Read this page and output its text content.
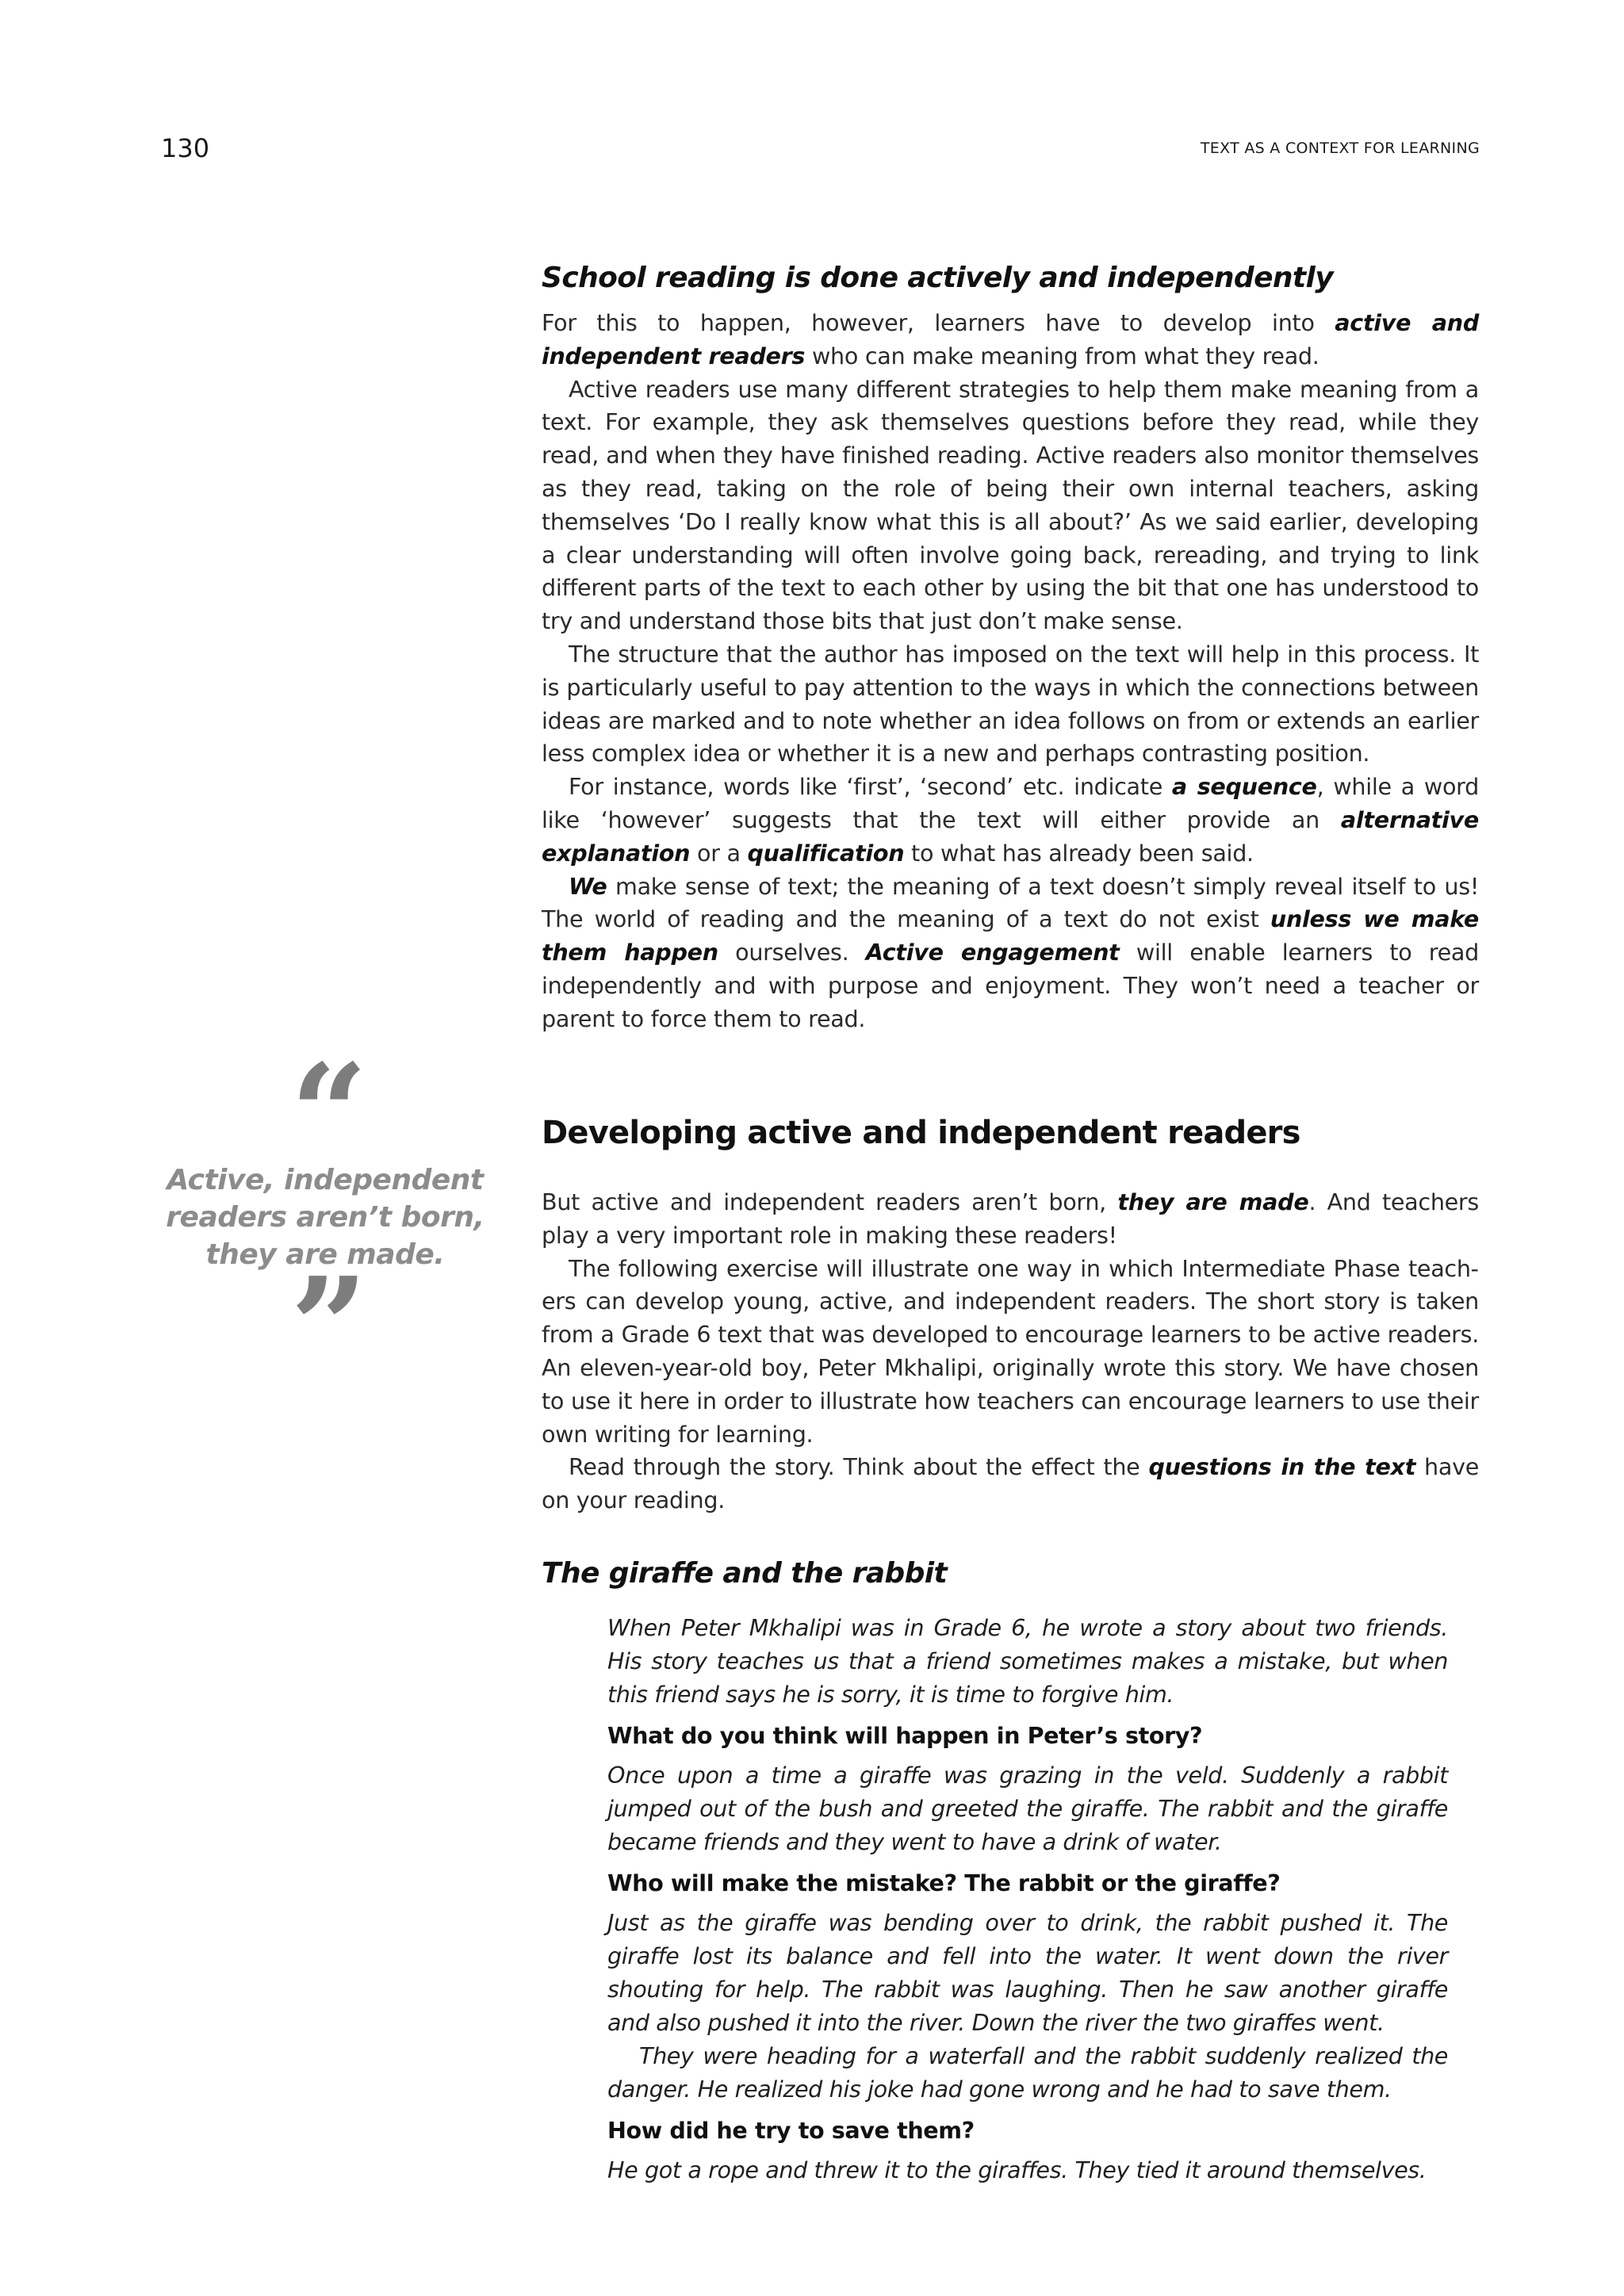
130	TEXT AS A CONTEXT FOR LEARNING
School reading is done actively and independently

For this to happen, however, learners have to develop into active and independent readers who can make meaning from what they read.

Active readers use many different strategies to help them make meaning from a text. For example, they ask themselves questions before they read, while they read, and when they have finished reading. Active readers also monitor themselves as they read, taking on the role of being their own internal teachers, asking themselves ‘Do I really know what this is all about?’ As we said earlier, developing a clear understanding will often involve going back, rereading, and trying to link different parts of the text to each other by using the bit that one has understood to try and understand those bits that just don’t make sense.

The structure that the author has imposed on the text will help in this process. It is particularly useful to pay attention to the ways in which the connections between ideas are marked and to note whether an idea follows on from or extends an earlier less complex idea or whether it is a new and perhaps contrasting position.

For instance, words like ‘first’, ‘second’ etc. indicate a sequence, while a word like ‘however’ suggests that the text will either provide an alternative explanation or a qualification to what has already been said.

We make sense of text; the meaning of a text doesn’t simply reveal itself to us! The world of reading and the meaning of a text do not exist unless we make them happen ourselves. Active engagement will enable learners to read independently and with purpose and enjoyment. They won’t need a teacher or parent to force them to read.

“
Active, independent readers aren’t born, they are made.
”
Developing active and independent readers

But active and independent readers aren’t born, they are made. And teachers play a very important role in making these readers!

The following exercise will illustrate one way in which Intermediate Phase teachers can develop young, active, and independent readers. The short story is taken from a Grade 6 text that was developed to encourage learners to be active readers. An eleven-year-old boy, Peter Mkhalipi, originally wrote this story. We have chosen to use it here in order to illustrate how teachers can encourage learners to use their own writing for learning.

Read through the story. Think about the effect the questions in the text have on your reading.

The giraffe and the rabbit

When Peter Mkhalipi was in Grade 6, he wrote a story about two friends. His story teaches us that a friend sometimes makes a mistake, but when this friend says he is sorry, it is time to forgive him.

What do you think will happen in Peter’s story?

Once upon a time a giraffe was grazing in the veld. Suddenly a rabbit jumped out of the bush and greeted the giraffe. The rabbit and the giraffe became friends and they went to have a drink of water.

Who will make the mistake? The rabbit or the giraffe?

Just as the giraffe was bending over to drink, the rabbit pushed it. The giraffe lost its balance and fell into the water. It went down the river shouting for help. The rabbit was laughing. Then he saw another giraffe and also pushed it into the river. Down the river the two giraffes went.

They were heading for a waterfall and the rabbit suddenly realized the danger. He realized his joke had gone wrong and he had to save them.

How did he try to save them?

He got a rope and threw it to the giraffes. They tied it around themselves.
